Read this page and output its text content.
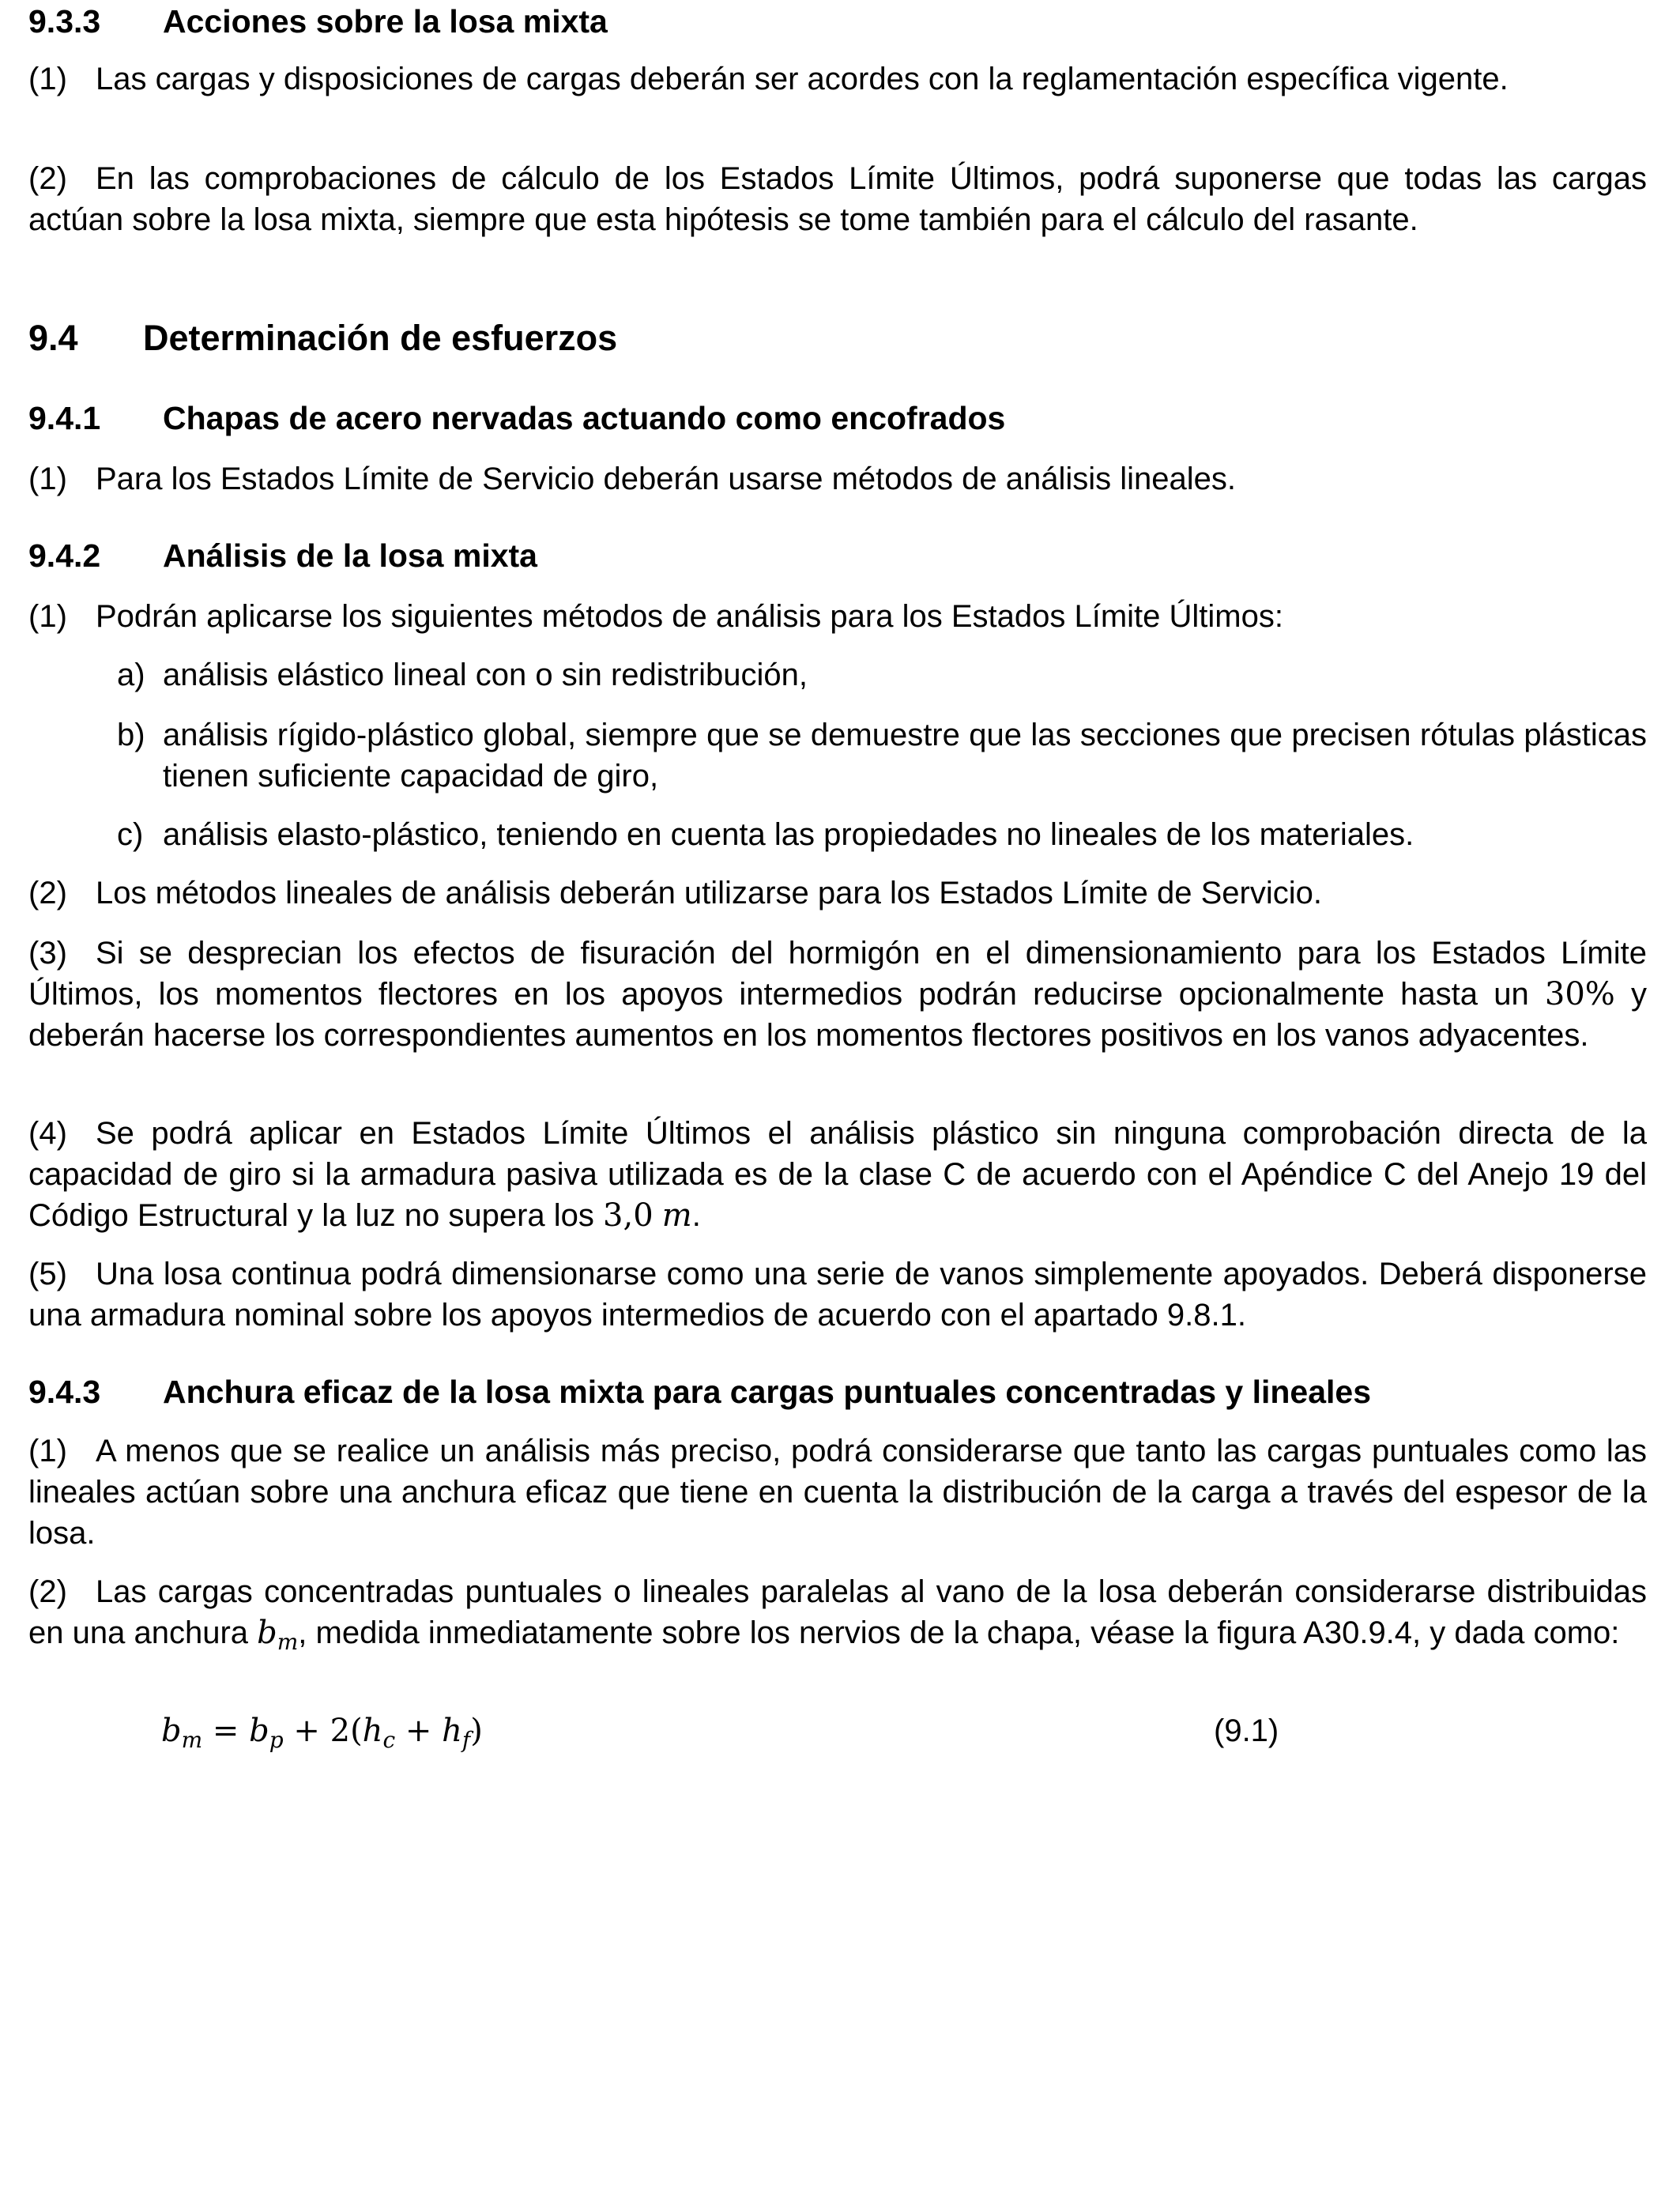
9.3.3	Acciones sobre la losa mixta

(1) Las cargas y disposiciones de cargas deberán ser acordes con la reglamentación específica vigente.

(2) En las comprobaciones de cálculo de los Estados Límite Últimos, podrá suponerse que todas las cargas actúan sobre la losa mixta, siempre que esta hipótesis se tome también para el cálculo del rasante.

9.4	Determinación de esfuerzos
9.4.1	Chapas de acero nervadas actuando como encofrados

(1) Para los Estados Límite de Servicio deberán usarse métodos de análisis lineales.

9.4.2	Análisis de la losa mixta

(1) Podrán aplicarse los siguientes métodos de análisis para los Estados Límite Últimos:

a) análisis elástico lineal con o sin redistribución,
b) análisis rígido-plástico global, siempre que se demuestre que las secciones que precisen rótulas plásticas tienen suficiente capacidad de giro,
c) análisis elasto-plástico, teniendo en cuenta las propiedades no lineales de los materiales.

(2) Los métodos lineales de análisis deberán utilizarse para los Estados Límite de Servicio.

(3) Si se desprecian los efectos de fisuración del hormigón en el dimensionamiento para los Estados Límite Últimos, los momentos flectores en los apoyos intermedios podrán reducirse opcionalmente hasta un 30% y deberán hacerse los correspondientes aumentos en los momentos flectores positivos en los vanos adyacentes.

(4) Se podrá aplicar en Estados Límite Últimos el análisis plástico sin ninguna comprobación directa de la capacidad de giro si la armadura pasiva utilizada es de la clase C de acuerdo con el Apéndice C del Anejo 19 del Código Estructural y la luz no supera los 3,0 m.

(5) Una losa continua podrá dimensionarse como una serie de vanos simplemente apoyados. Deberá disponerse una armadura nominal sobre los apoyos intermedios de acuerdo con el apartado 9.8.1.

9.4.3	Anchura eficaz de la losa mixta para cargas puntuales concentradas y lineales

(1) A menos que se realice un análisis más preciso, podrá considerarse que tanto las cargas puntuales como las lineales actúan sobre una anchura eficaz que tiene en cuenta la distribución de la carga a través del espesor de la losa.

(2) Las cargas concentradas puntuales o lineales paralelas al vano de la losa deberán considerarse distribuidas en una anchura $b_m$, medida inmediatamente sobre los nervios de la chapa, véase la figura A30.9.4, y dada como:

$b_m = b_p + 2(h_c + h_f)$	(9.1)
